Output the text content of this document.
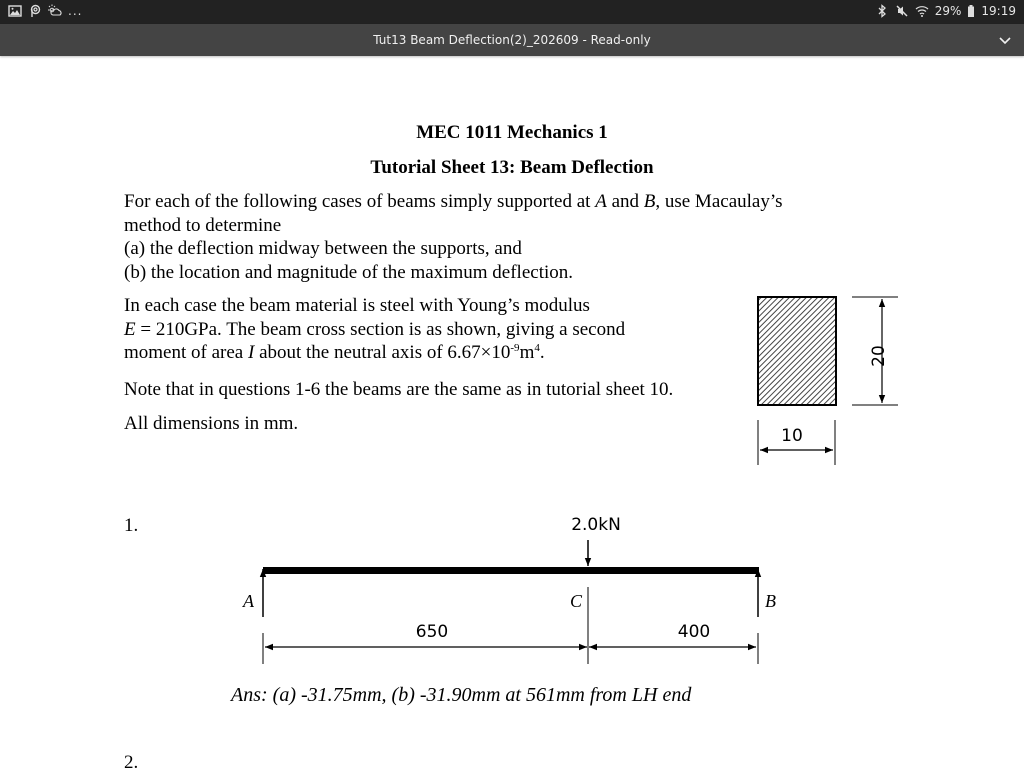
...	29% 19:19
Tut13 Beam Deflection(2)_202609 - Read-only
MEC 1011 Mechanics 1
Tutorial Sheet 13: Beam Deflection
For each of the following cases of beams simply supported at A and B, use Macaulay’s
method to determine
(a) the deflection midway between the supports, and
(b) the location and magnitude of the maximum deflection.
In each case the beam material is steel with Young’s modulus
E = 210GPa. The beam cross section is as shown, giving a second
moment of area I about the neutral axis of $6.67\times 10^{-9}m^4$.
Note that in questions 1-6 the beams are the same as in tutorial sheet 10.
All dimensions in mm.
1.
Ans: (a) -31.75mm, (b) -31.90mm at 561mm from LH end
2.
20
10
2.0kN
A	B
C
650	400
